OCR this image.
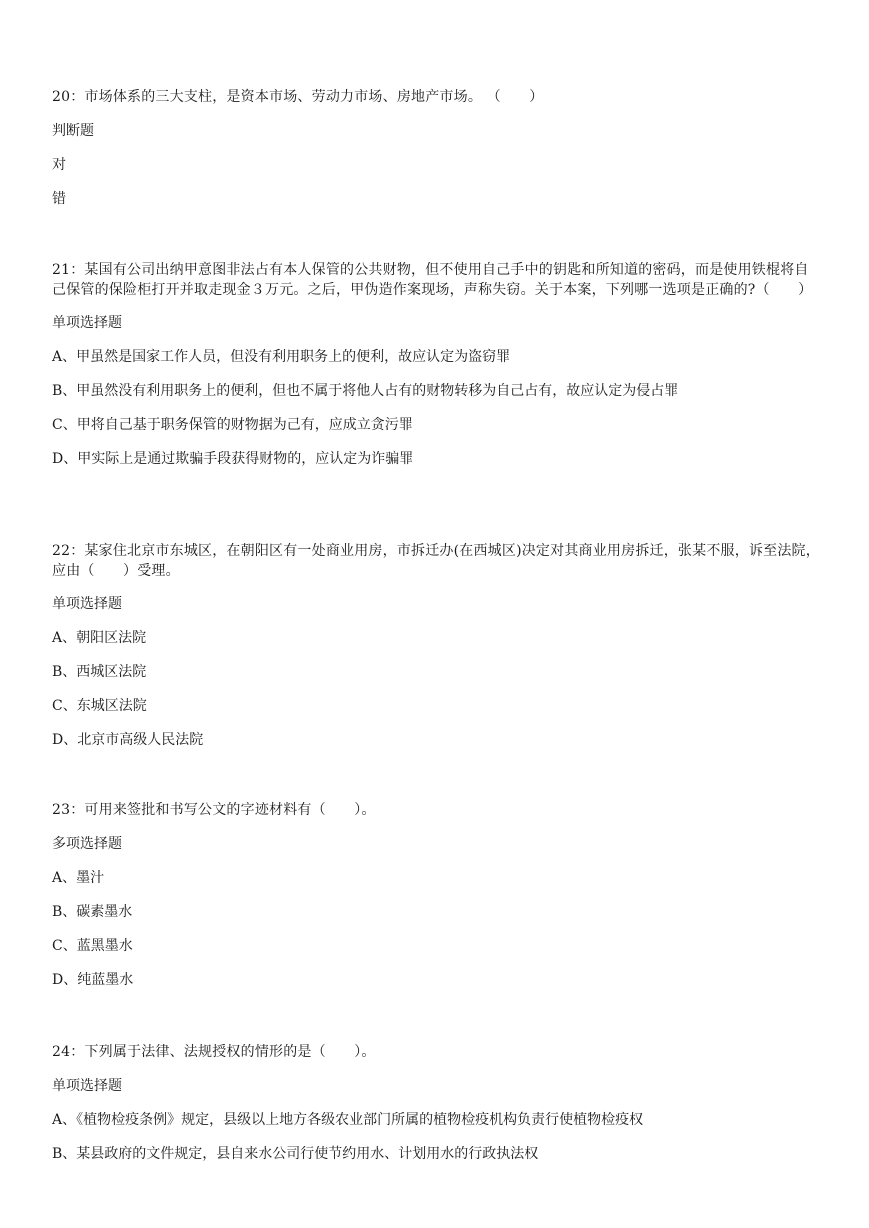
20：市场体系的三大支柱，是资本市场、劳动力市场、房地产市场。 （　　）

判断题

对

错

21：某国有公司出纳甲意图非法占有本人保管的公共财物，但不使用自己手中的钥匙和所知道的密码，而是使用铁棍将自己保管的保险柜打开并取走现金３万元。之后，甲伪造作案现场，声称失窃。关于本案，下列哪一选项是正确的?（　　）

单项选择题

A、甲虽然是国家工作人员，但没有利用职务上的便利，故应认定为盗窃罪

B、甲虽然没有利用职务上的便利，但也不属于将他人占有的财物转移为自己占有，故应认定为侵占罪

C、甲将自己基于职务保管的财物据为己有，应成立贪污罪

D、甲实际上是通过欺骗手段获得财物的，应认定为诈骗罪

22：某家住北京市东城区，在朝阳区有一处商业用房，市拆迁办(在西城区)决定对其商业用房拆迁，张某不服，诉至法院，应由（　　）受理。

单项选择题

A、朝阳区法院

B、西城区法院

C、东城区法院

D、北京市高级人民法院

23：可用来签批和书写公文的字迹材料有（　　）。

多项选择题

A、墨汁

B、碳素墨水

C、蓝黑墨水

D、纯蓝墨水

24：下列属于法律、法规授权的情形的是（　　）。

单项选择题

A、《植物检疫条例》规定，县级以上地方各级农业部门所属的植物检疫机构负责行使植物检疫权

B、某县政府的文件规定，县自来水公司行使节约用水、计划用水的行政执法权
